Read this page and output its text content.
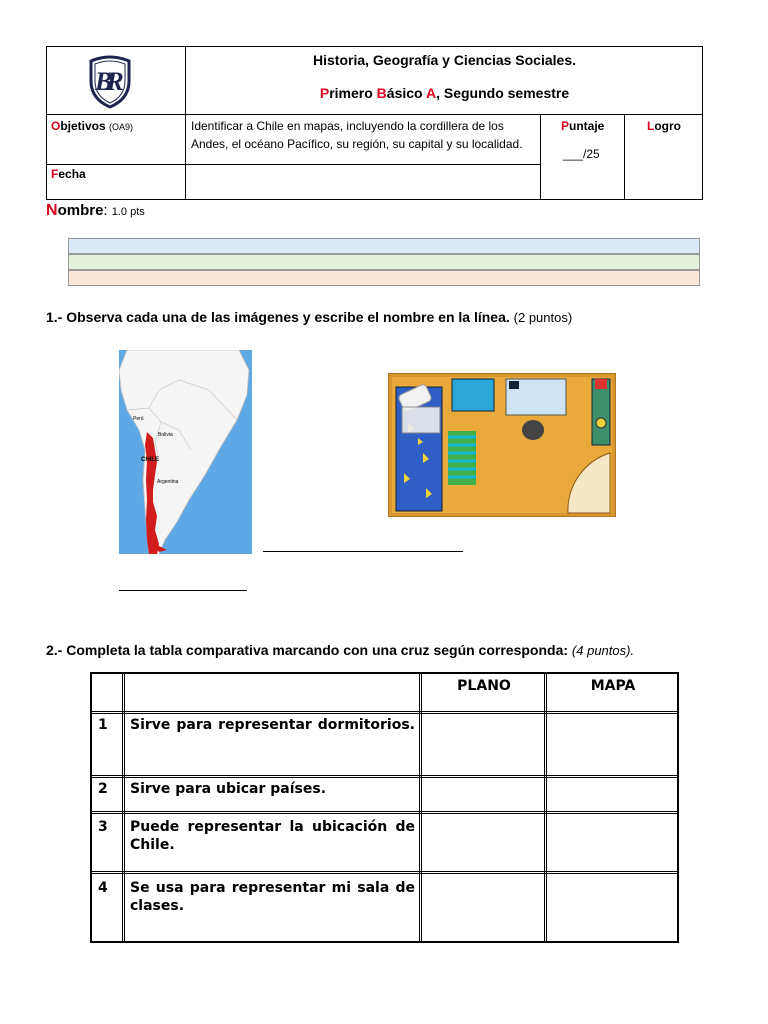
BR
Historia, Geografía y Ciencias Sociales.
Primero Básico A, Segundo semestre
Objetivos (OA9)	Identificar a Chile en mapas, incluyendo la cordillera de los Andes, el océano Pacífico, su región, su capital y su localidad.
Puntaje
___/25
Logro
Fecha
Nombre: 1.0 pts
1.- Observa cada una de las imágenes y escribe el nombre en la línea. (2 puntos)
Perú
Bolivia
CHILE
Argentina
2.- Completa la tabla comparativa marcando con una cruz según corresponda: (4 puntos).
PLANO	MAPA
1 Sirve para representar dormitorios.
2 Sirve para ubicar países.
3 Puede representar la ubicación de Chile.
4 Se usa para representar mi sala de clases.
